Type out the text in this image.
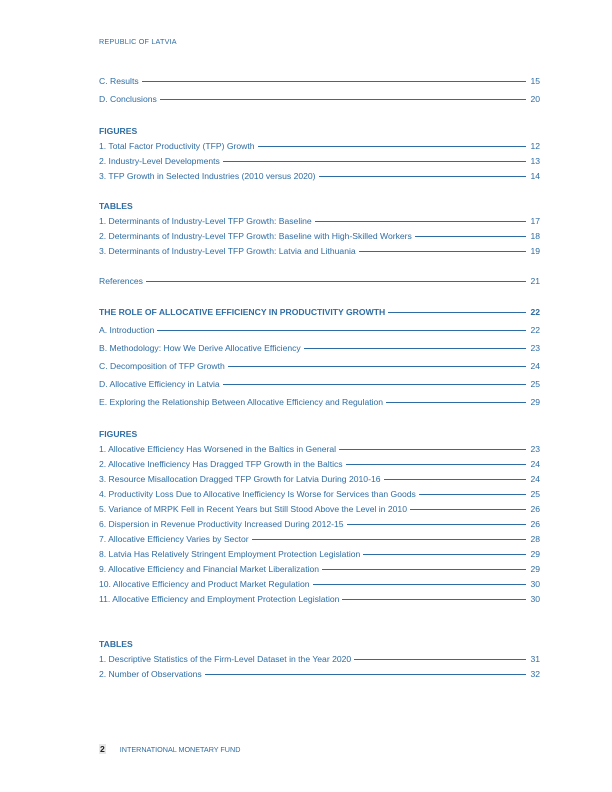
REPUBLIC OF LATVIA
C. Results	15
D. Conclusions	20
FIGURES
1. Total Factor Productivity (TFP) Growth	12
2. Industry-Level Developments	13
3. TFP Growth in Selected Industries (2010 versus 2020)	14
TABLES
1. Determinants of Industry-Level TFP Growth: Baseline	17
2. Determinants of Industry-Level TFP Growth: Baseline with High-Skilled Workers	18
3. Determinants of Industry-Level TFP Growth: Latvia and Lithuania	19
References	21
THE ROLE OF ALLOCATIVE EFFICIENCY IN PRODUCTIVITY GROWTH	22
A. Introduction	22
B. Methodology: How We Derive Allocative Efficiency	23
C. Decomposition of TFP Growth	24
D. Allocative Efficiency in Latvia	25
E. Exploring the Relationship Between Allocative Efficiency and Regulation	29
FIGURES
1. Allocative Efficiency Has Worsened in the Baltics in General	23
2. Allocative Inefficiency Has Dragged TFP Growth in the Baltics	24
3. Resource Misallocation Dragged TFP Growth for Latvia During 2010-16	24
4. Productivity Loss Due to Allocative Inefficiency Is Worse for Services than Goods	25
5. Variance of MRPK Fell in Recent Years but Still Stood Above the Level in 2010	26
6. Dispersion in Revenue Productivity Increased During 2012-15	26
7. Allocative Efficiency Varies by Sector	28
8. Latvia Has Relatively Stringent Employment Protection Legislation	29
9. Allocative Efficiency and Financial Market Liberalization	29
10. Allocative Efficiency and Product Market Regulation	30
11. Allocative Efficiency and Employment Protection Legislation	30
TABLES
1. Descriptive Statistics of the Firm-Level Dataset in the Year 2020	31
2. Number of Observations	32
2 INTERNATIONAL MONETARY FUND
